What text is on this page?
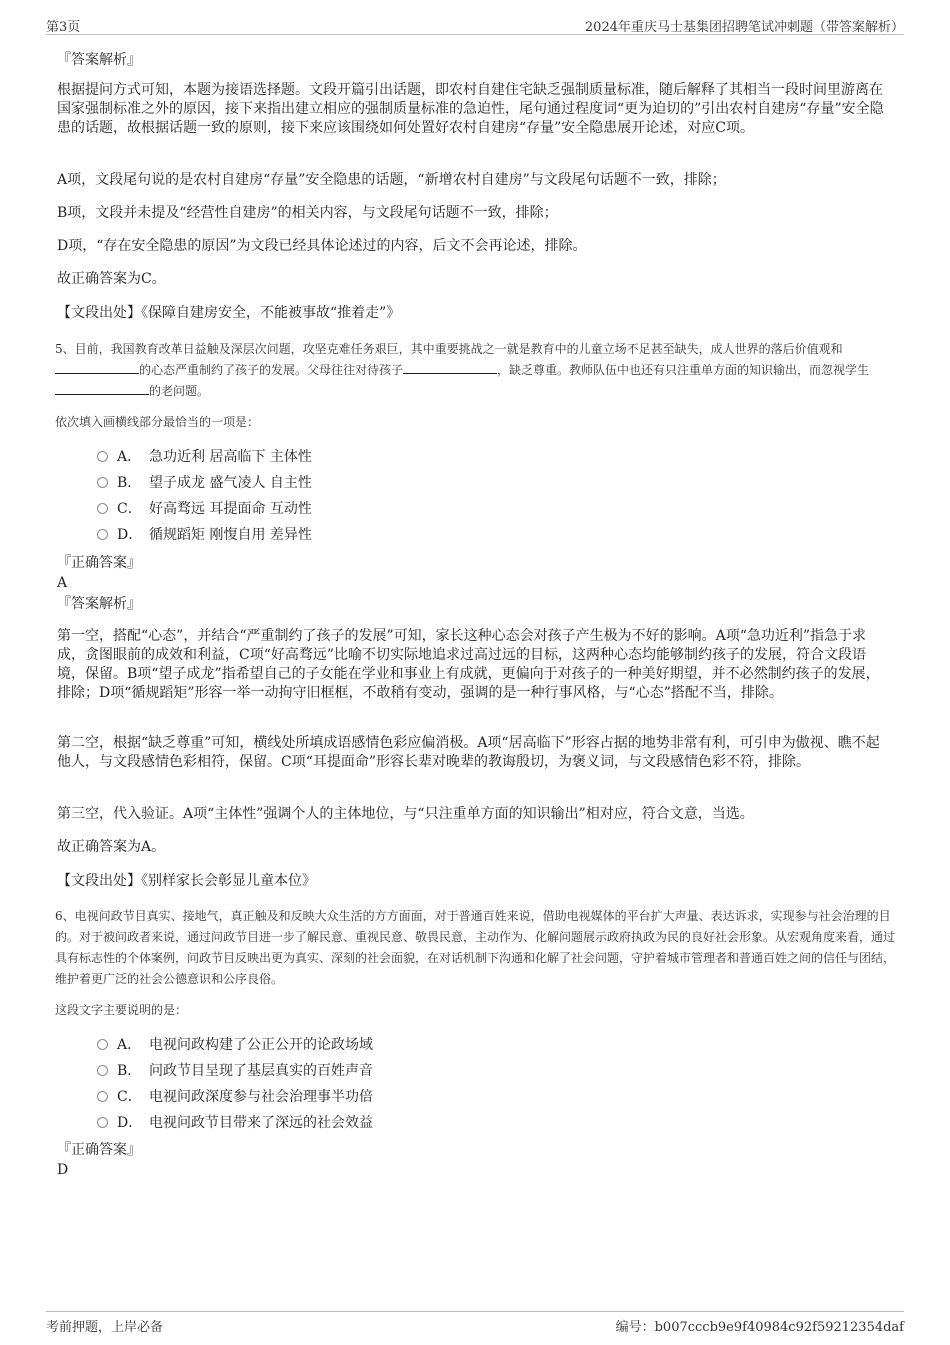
第3页	2024年重庆马士基集团招聘笔试冲刺题（带答案解析）

『答案解析』

根据提问方式可知，本题为接语选择题。文段开篇引出话题，即农村自建住宅缺乏强制质量标准，随后解释了其相当一段时间里游离在国家强制标准之外的原因，接下来指出建立相应的强制质量标准的急迫性，尾句通过程度词“更为迫切的”引出农村自建房“存量”安全隐患的话题，故根据话题一致的原则，接下来应该围绕如何处置好农村自建房“存量”安全隐患展开论述，对应C项。

A项，文段尾句说的是农村自建房“存量”安全隐患的话题，“新增农村自建房”与文段尾句话题不一致，排除；

B项，文段并未提及“经营性自建房”的相关内容，与文段尾句话题不一致，排除；

D项，“存在安全隐患的原因”为文段已经具体论述过的内容，后文不会再论述，排除。

故正确答案为C。

【文段出处】《保障自建房安全，不能被事故“推着走”》

5、目前，我国教育改革日益触及深层次问题，攻坚克难任务艰巨，其中重要挑战之一就是教育中的儿童立场不足甚至缺失，成人世界的落后价值观和的心态严重制约了孩子的发展。父母往往对待孩子	，缺乏尊重。教师队伍中也还有只注重单方面的知识输出，而忽视学生的老问题。

依次填入画横线部分最恰当的一项是：

A． 急功近利 居高临下 主体性
B． 望子成龙 盛气凌人 自主性
C． 好高骛远 耳提面命 互动性
D． 循规蹈矩 刚愎自用 差异性

『正确答案』

A

『答案解析』

第一空，搭配“心态”，并结合“严重制约了孩子的发展”可知，家长这种心态会对孩子产生极为不好的影响。A项“急功近利”指急于求成，贪图眼前的成效和利益，C项“好高骛远”比喻不切实际地追求过高过远的目标，这两种心态均能够制约孩子的发展，符合文段语境，保留。B项“望子成龙”指希望自己的子女能在学业和事业上有成就，更偏向于对孩子的一种美好期望，并不必然制约孩子的发展，排除；D项“循规蹈矩”形容一举一动拘守旧框框，不敢稍有变动，强调的是一种行事风格，与“心态”搭配不当，排除。

第二空，根据“缺乏尊重”可知，横线处所填成语感情色彩应偏消极。A项“居高临下”形容占据的地势非常有利，可引申为傲视、瞧不起他人，与文段感情色彩相符，保留。C项“耳提面命”形容长辈对晚辈的教诲殷切，为褒义词，与文段感情色彩不符，排除。

第三空，代入验证。A项“主体性”强调个人的主体地位，与“只注重单方面的知识输出”相对应，符合文意，当选。

故正确答案为A。

【文段出处】《别样家长会彰显儿童本位》

6、电视问政节目真实、接地气，真正触及和反映大众生活的方方面面，对于普通百姓来说，借助电视媒体的平台扩大声量、表达诉求，实现参与社会治理的目的。对于被问政者来说，通过问政节目进一步了解民意、重视民意、敬畏民意，主动作为、化解问题展示政府执政为民的良好社会形象。从宏观角度来看，通过具有标志性的个体案例，问政节目反映出更为真实、深刻的社会面貌，在对话机制下沟通和化解了社会问题，守护着城市管理者和普通百姓之间的信任与团结，维护着更广泛的社会公德意识和公序良俗。

这段文字主要说明的是：

A． 电视问政构建了公正公开的论政场域
B． 问政节目呈现了基层真实的百姓声音
C． 电视问政深度参与社会治理事半功倍
D． 电视问政节目带来了深远的社会效益

『正确答案』

D

考前押题，上岸必备	编号：b007cccb9e9f40984c92f59212354daf
